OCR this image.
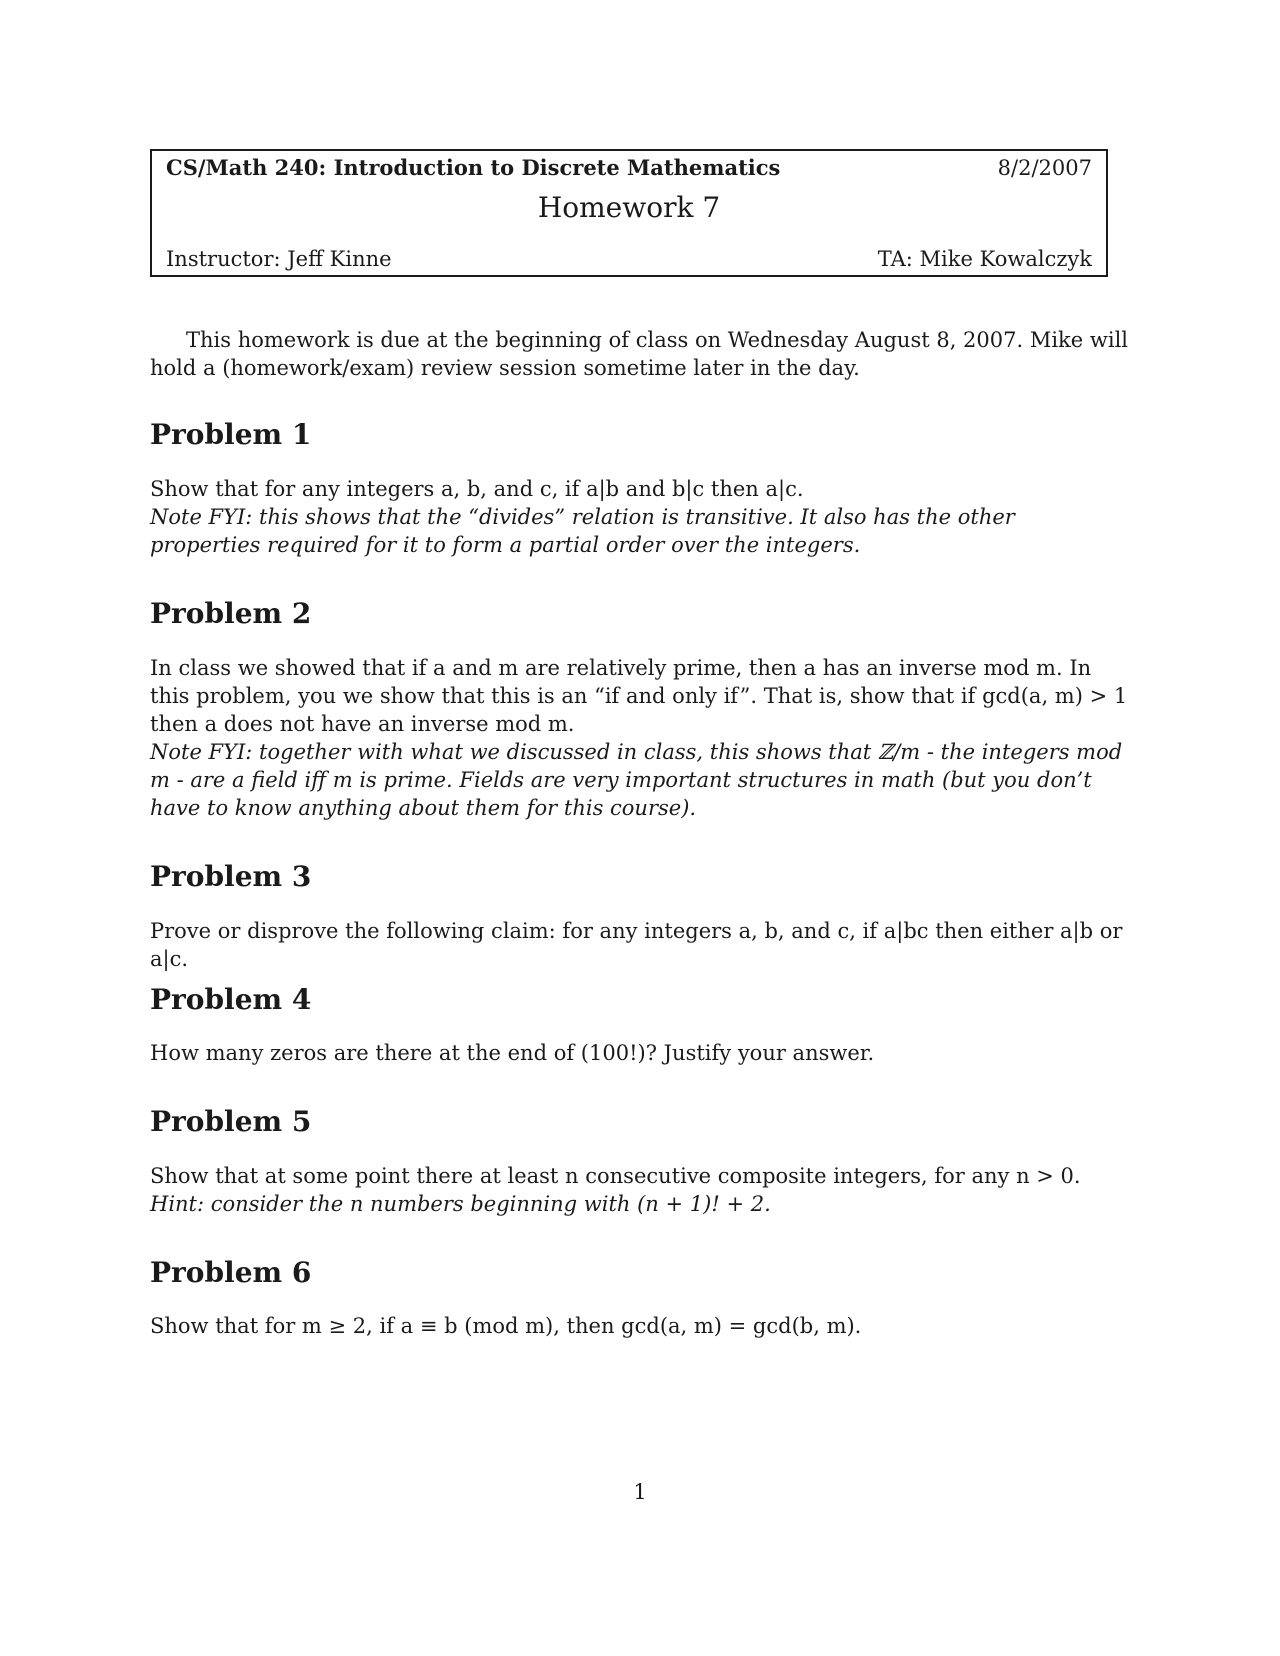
CS/Math 240: Introduction to Discrete Mathematics	8/2/2007
Homework 7
Instructor: Jeff Kinne	TA: Mike Kowalczyk
This homework is due at the beginning of class on Wednesday August 8, 2007. Mike will hold a (homework/exam) review session sometime later in the day.
Problem 1

Show that for any integers a, b, and c, if a|b and b|c then a|c.

Note FYI: this shows that the “divides” relation is transitive. It also has the other properties required for it to form a partial order over the integers.

Problem 2

In class we showed that if a and m are relatively prime, then a has an inverse mod m. In this problem, you we show that this is an “if and only if”. That is, show that if gcd(a, m) > 1 then a does not have an inverse mod m.

Note FYI: together with what we discussed in class, this shows that ℤ/m - the integers mod m - are a field iff m is prime. Fields are very important structures in math (but you don’t have to know anything about them for this course).

Problem 3

Prove or disprove the following claim: for any integers a, b, and c, if a|bc then either a|b or a|c.

Problem 4

How many zeros are there at the end of (100!)? Justify your answer.

Problem 5

Show that at some point there at least n consecutive composite integers, for any n > 0.

Hint: consider the n numbers beginning with (n + 1)! + 2.

Problem 6

Show that for m ≥ 2, if a ≡ b (mod m), then gcd(a, m) = gcd(b, m).

1
